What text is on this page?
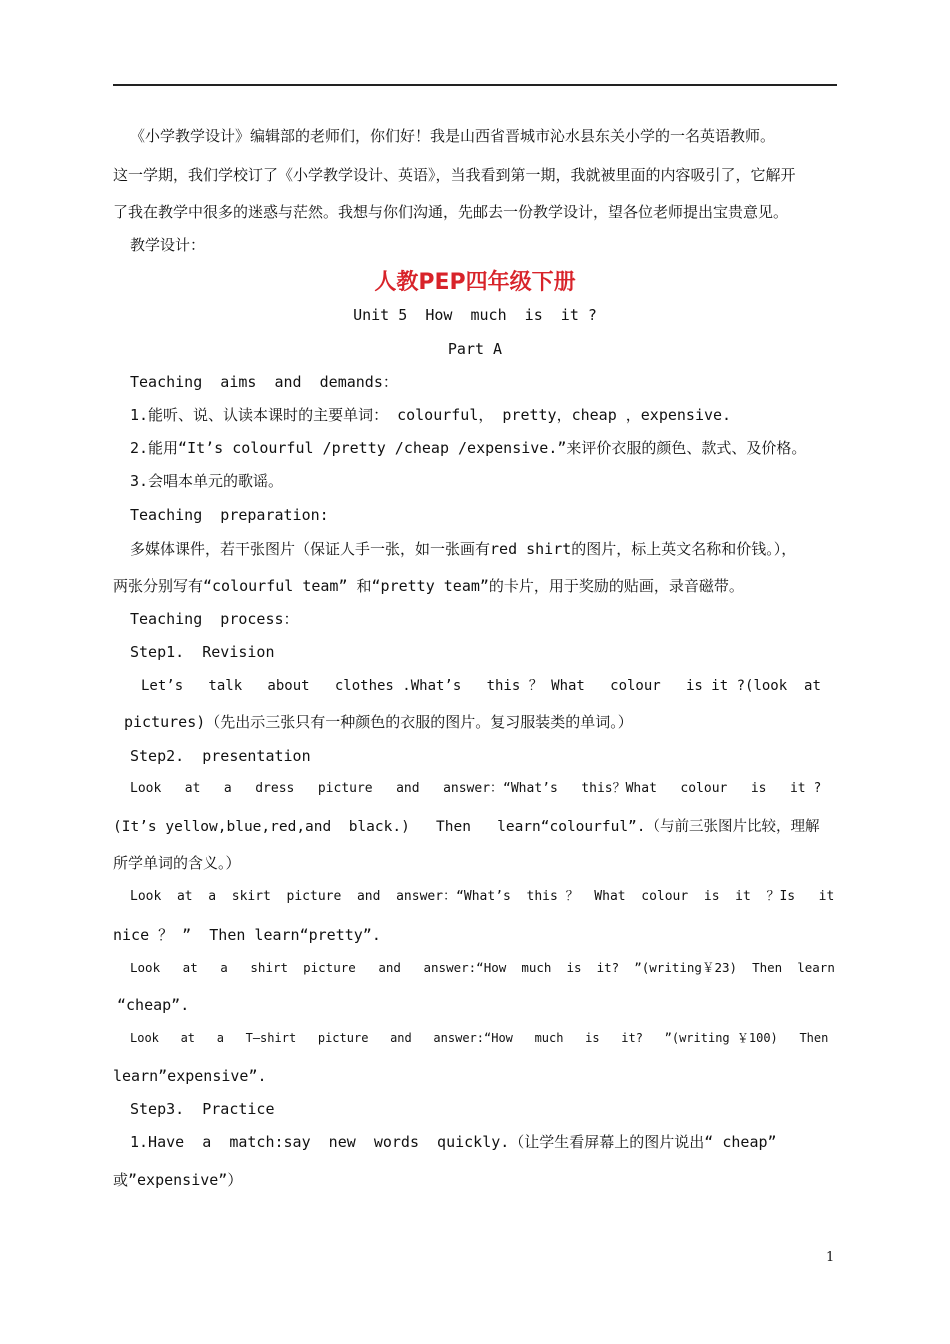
《小学教学设计》编辑部的老师们，你们好！我是山西省晋城市沁水县东关小学的一名英语教师。
这一学期，我们学校订了《小学教学设计、英语》，当我看到第一期，我就被里面的内容吸引了，它解开
了我在教学中很多的迷惑与茫然。我想与你们沟通，先邮去一份教学设计，望各位老师提出宝贵意见。
教学设计：
人教PEP四年级下册
Unit 5  How  much  is  it ?
Part A
Teaching  aims  and  demands：
1.能听、说、认读本课时的主要单词： colourful， pretty，cheap ，expensive.
2.能用“It’s colourful /pretty /cheap /expensive.”来评价衣服的颜色、款式、及价格。
3.会唱本单元的歌谣。
Teaching  preparation:
多媒体课件，若干张图片（保证人手一张，如一张画有red shirt的图片，标上英文名称和价钱。），
两张分别写有“colourful team” 和“pretty team”的卡片，用于奖励的贴画，录音磁带。
Teaching  process：
Step1.  Revision
Let’s   talk   about   clothes .What’s   this ？ What   colour   is it ?(look  at
pictures)（先出示三张只有一种颜色的衣服的图片。复习服装类的单词。）
Step2.  presentation
Look   at   a   dress   picture   and   answer：“What’s   this？What   colour   is   it ?
(It’s yellow,blue,red,and  black.)   Then   learn“colourful”.（与前三张图片比较，理解
所学单词的含义。）
Look  at  a  skirt  picture  and  answer：“What’s  this ？  What  colour  is  it  ？Is   it
nice ？ ”  Then learn“pretty”.
Look   at   a   shirt  picture   and   answer:“How  much  is  it?  ”(writing￥23)  Then  learn
“cheap”.
Look   at   a   T—shirt   picture   and   answer:“How   much   is   it?   ”(writing ￥100)   Then
learn”expensive”.
Step3.  Practice
1.Have  a  match:say  new  words  quickly.（让学生看屏幕上的图片说出“ cheap”
或”expensive”）
1
